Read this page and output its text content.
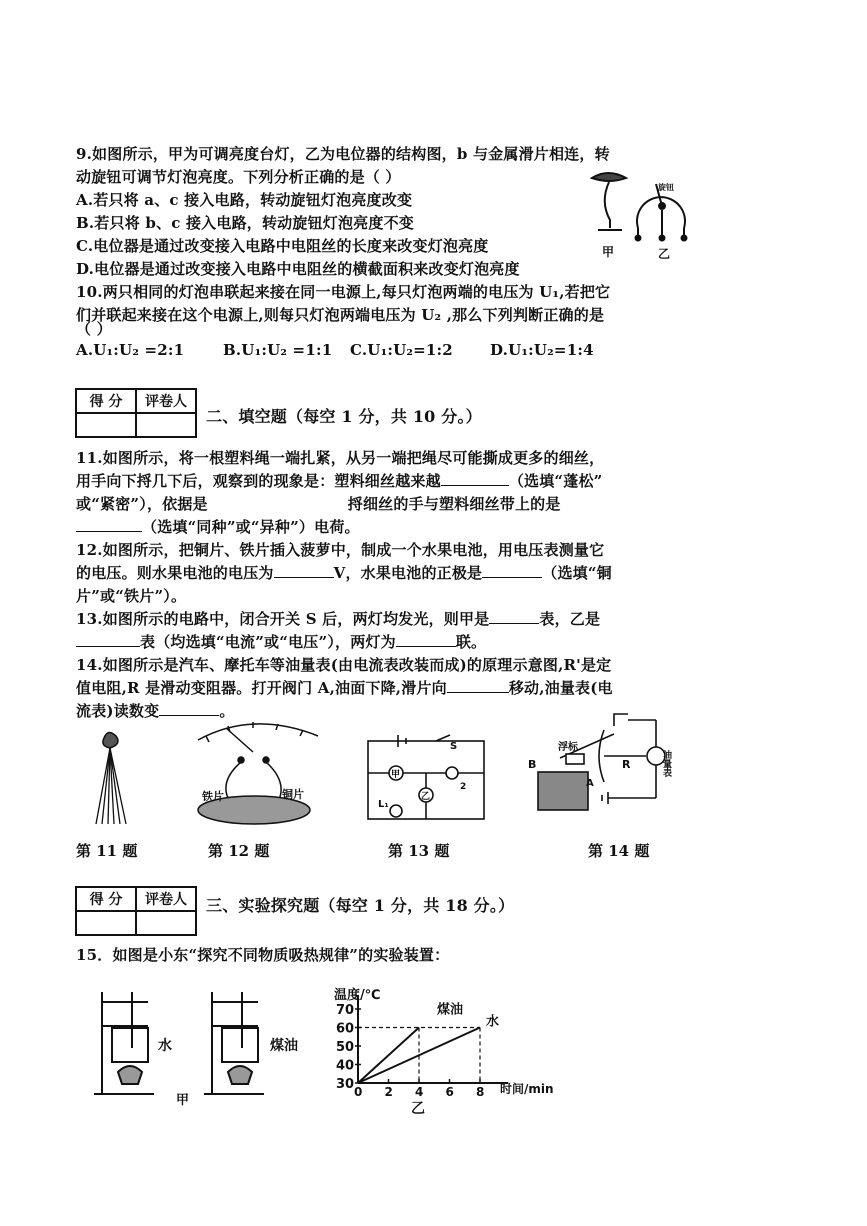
9.如图所示，甲为可调亮度台灯，乙为电位器的结构图，b 与金属滑片相连，转
动旋钮可调节灯泡亮度。下列分析正确的是（ ）
A.若只将 a、c 接入电路，转动旋钮灯泡亮度改变
B.若只将 b、c 接入电路，转动旋钮灯泡亮度不变
C.电位器是通过改变接入电路中电阻丝的长度来改变灯泡亮度
D.电位器是通过改变接入电路中电阻丝的横截面积来改变灯泡亮度
旋钮
甲	乙
10.两只相同的灯泡串联起来接在同一电源上,每只灯泡两端的电压为 U₁,若把它
们并联起来接在这个电源上,则每只灯泡两端电压为 U₂ ,那么下列判断正确的是
（ ）
A.U₁:U₂ =2:1	B.U₁:U₂ =1:1 C.U₁:U₂=1:2 D.U₁:U₂=1:4
得 分	评卷人

二、填空题（每空 1 分，共 10 分。）
11.如图所示，将一根塑料绳一端扎紧，从另一端把绳尽可能撕成更多的细丝，
用手向下捋几下后，观察到的现象是：塑料细丝越来越	（选填“蓬松”
或“紧密”），依据是	捋细丝的手与塑料细丝带上的是
（选填“同种”或“异种”）电荷。
12.如图所示，把铜片、铁片插入菠萝中，制成一个水果电池，用电压表测量它
的电压。则水果电池的电压为	V，水果电池的正极是	（选填“铜
片”或“铁片”）。
13.如图所示的电路中，闭合开关 S 后，两灯均发光，则甲是	表，乙是
表（均选填“电流”或“电压”），两灯为	联。
14.如图所示是汽车、摩托车等油量表(由电流表改装而成)的原理示意图,R'是定
值电阻,R 是滑动变阻器。打开阀门 A,油面下降,滑片向	移动,油量表(电
流表)读数变	。
铁片	铜片
S
甲
乙
2
L₁
B
A
浮标
R	油量表
第 11 题	第 12 题	第 13 题	第 14 题
得 分	评卷人
	三、实验探究题（每空 1 分，共 18 分。）
15．如图是小东“探究不同物质吸热规律”的实验装置：
水	煤油
甲
温度/℃
时间/min
30
40
50
60
70
0 2 4 6 8
煤油
水
乙
